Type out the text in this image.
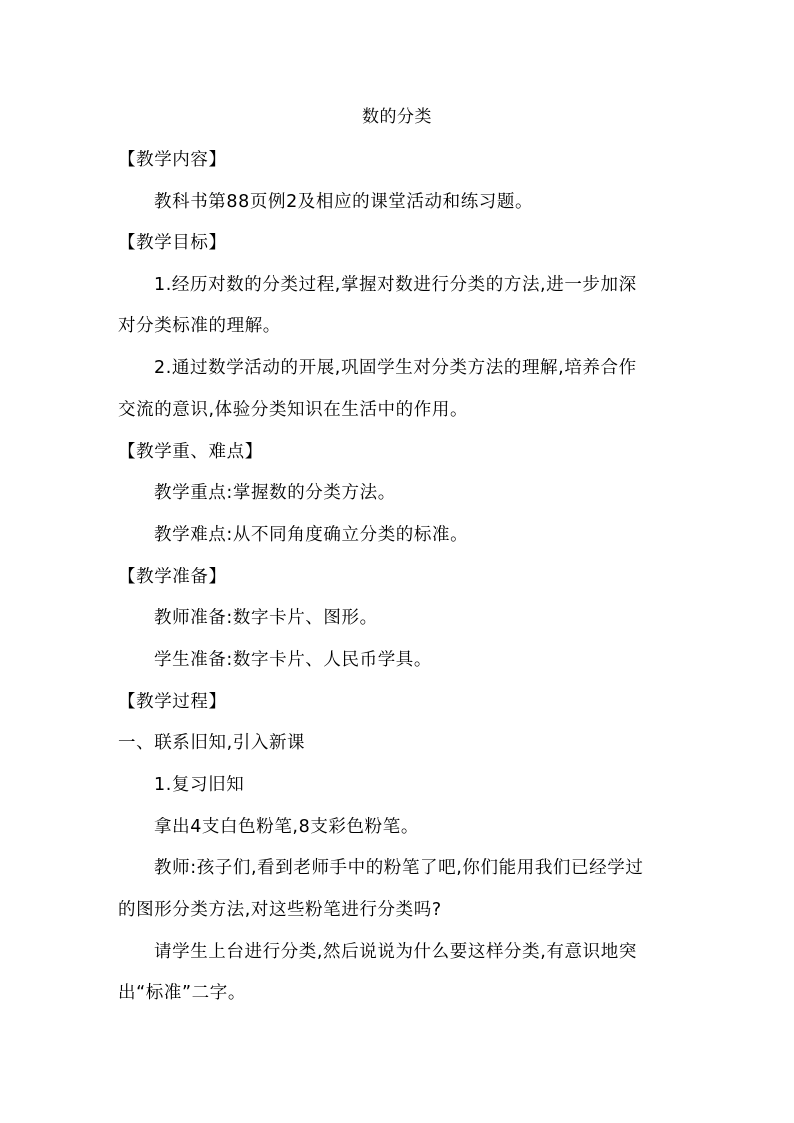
数的分类
【教学内容】
教科书第88页例2及相应的课堂活动和练习题。
【教学目标】
1.经历对数的分类过程,掌握对数进行分类的方法,进一步加深
对分类标准的理解。
2.通过数学活动的开展,巩固学生对分类方法的理解,培养合作
交流的意识,体验分类知识在生活中的作用。
【教学重、难点】
教学重点:掌握数的分类方法。
教学难点:从不同角度确立分类的标准。
【教学准备】
教师准备:数字卡片、图形。
学生准备:数字卡片、人民币学具。
【教学过程】
一、联系旧知,引入新课
1.复习旧知
拿出4支白色粉笔,8支彩色粉笔。
教师:孩子们,看到老师手中的粉笔了吧,你们能用我们已经学过
的图形分类方法,对这些粉笔进行分类吗?
请学生上台进行分类,然后说说为什么要这样分类,有意识地突
出“标准”二字。
